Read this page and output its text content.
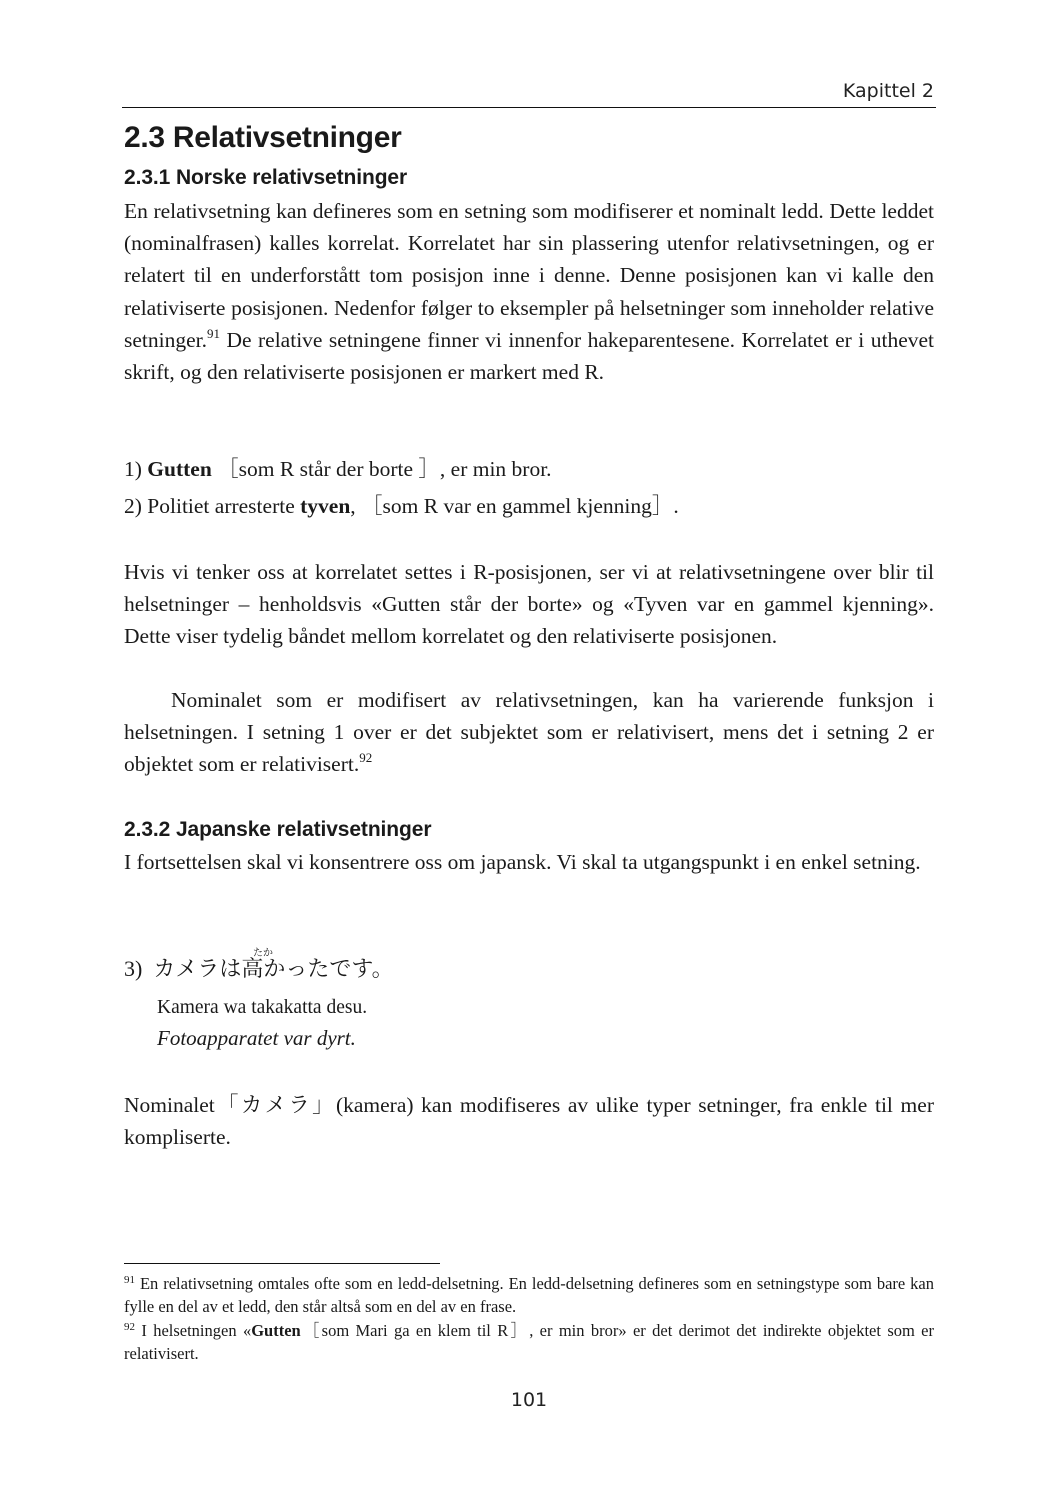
Kapittel 2
2.3 Relativsetninger
2.3.1 Norske relativsetninger

En relativsetning kan defineres som en setning som modifiserer et nominalt ledd. Dette leddet (nominalfrasen) kalles korrelat. Korrelatet har sin plassering utenfor relativsetningen, og er relatert til en underforstått tom posisjon inne i denne. Denne posisjonen kan vi kalle den relativiserte posisjonen. Nedenfor følger to eksempler på helsetninger som inneholder relative setninger.$^{91}$ De relative setningene finner vi innenfor hakeparentesene. Korrelatet er i uthevet skrift, og den relativiserte posisjonen er markert med R.

1) Gutten ［som R står der borte ］, er min bror.

2) Politiet arresterte tyven, ［som R var en gammel kjenning］.

Hvis vi tenker oss at korrelatet settes i R-posisjonen, ser vi at relativsetningene over blir til helsetninger – henholdsvis «Gutten står der borte» og «Tyven var en gammel kjenning». Dette viser tydelig båndet mellom korrelatet og den relativiserte posisjonen.

Nominalet som er modifisert av relativsetningen, kan ha varierende funksjon i helsetningen. I setning 1 over er det subjektet som er relativisert, mens det i setning 2 er objektet som er relativisert.$^{92}$

2.3.2 Japanske relativsetninger

I fortsettelsen skal vi konsentrere oss om japansk. Vi skal ta utgangspunkt i en enkel setning.

たか
3) カメラは高かったです。
Kamera wa takakatta desu.
Fotoapparatet var dyrt.

Nominalet「カメラ」(kamera) kan modifiseres av ulike typer setninger, fra enkle til mer kompliserte.

$^{91}$ En relativsetning omtales ofte som en ledd-delsetning. En ledd-delsetning defineres som en setningstype som bare kan fylle en del av et ledd, den står altså som en del av en frase.

$^{92}$ I helsetningen «Gutten［som Mari ga en klem til R］, er min bror» er det derimot det indirekte objektet som er relativisert.

101
